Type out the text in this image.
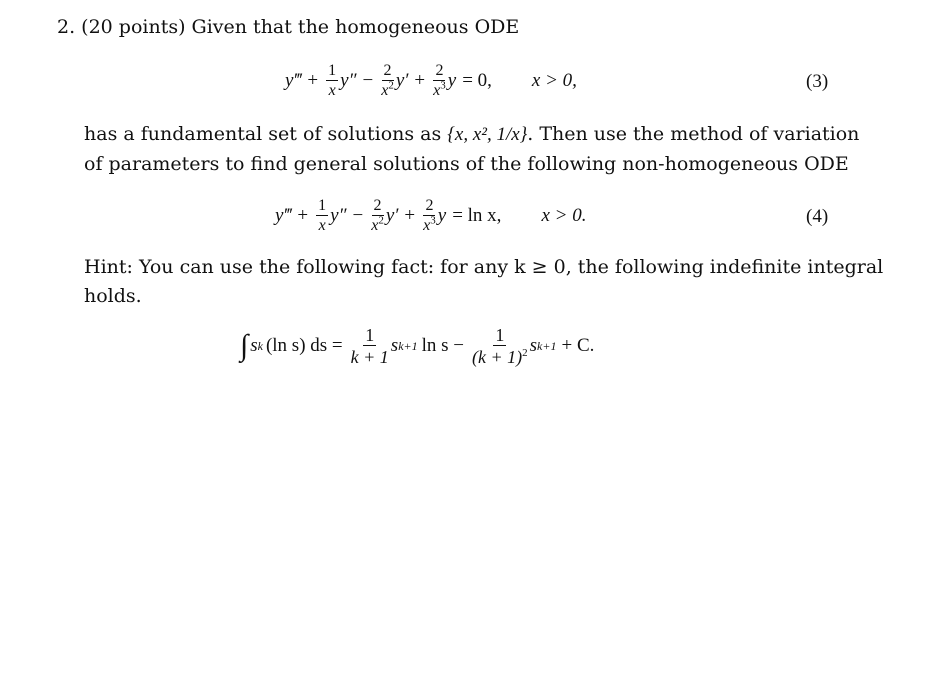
2. (20 points) Given that the homogeneous ODE
y‴ + $\frac{1}{x} y'' - \frac{2}{x^2} y' + \frac{2}{x^3}$ y = 0, x > 0,	(3)
has a fundamental set of solutions as {x, x², 1/x}. Then use the method of variation
of parameters to find general solutions of the following non-homogeneous ODE
y‴ + $\frac{1}{x} y'' - \frac{2}{x^2} y' + \frac{2}{x^3}$ y = ln x, x > 0.	(4)
Hint: You can use the following fact: for any k ≥ 0, the following indefinite integral
holds.
∫ s k (ln s) ds = $\frac{1}{k + 1}$ s k+1 $\ln s - \frac{1}{(k + 1)^2}$ s k+1 + C.
